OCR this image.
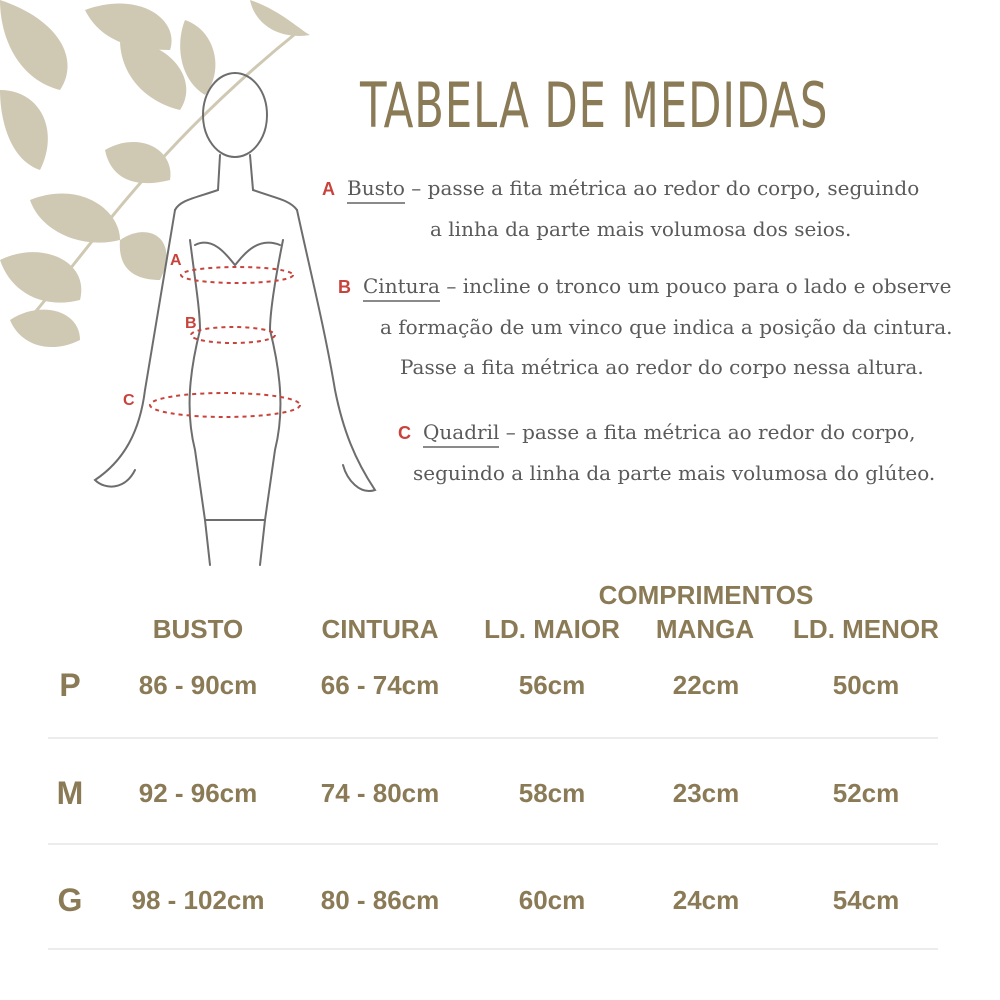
A
B
C
TABELA DE MEDIDAS
A Busto – passe a fita métrica ao redor do corpo, seguindo
a linha da parte mais volumosa dos seios.
B Cintura – incline o tronco um pouco para o lado e observe
a formação de um vinco que indica a posição da cintura.
Passe a fita métrica ao redor do corpo nessa altura.
C Quadril – passe a fita métrica ao redor do corpo,
seguindo a linha da parte mais volumosa do glúteo.
COMPRIMENTOS
BUSTO	CINTURA	LD. MAIOR	MANGA	LD. MENOR
P	86 - 90cm	66 - 74cm	56cm	22cm	50cm
M	92 - 96cm	74 - 80cm	58cm	23cm	52cm
G	98 - 102cm	80 - 86cm	60cm	24cm	54cm
